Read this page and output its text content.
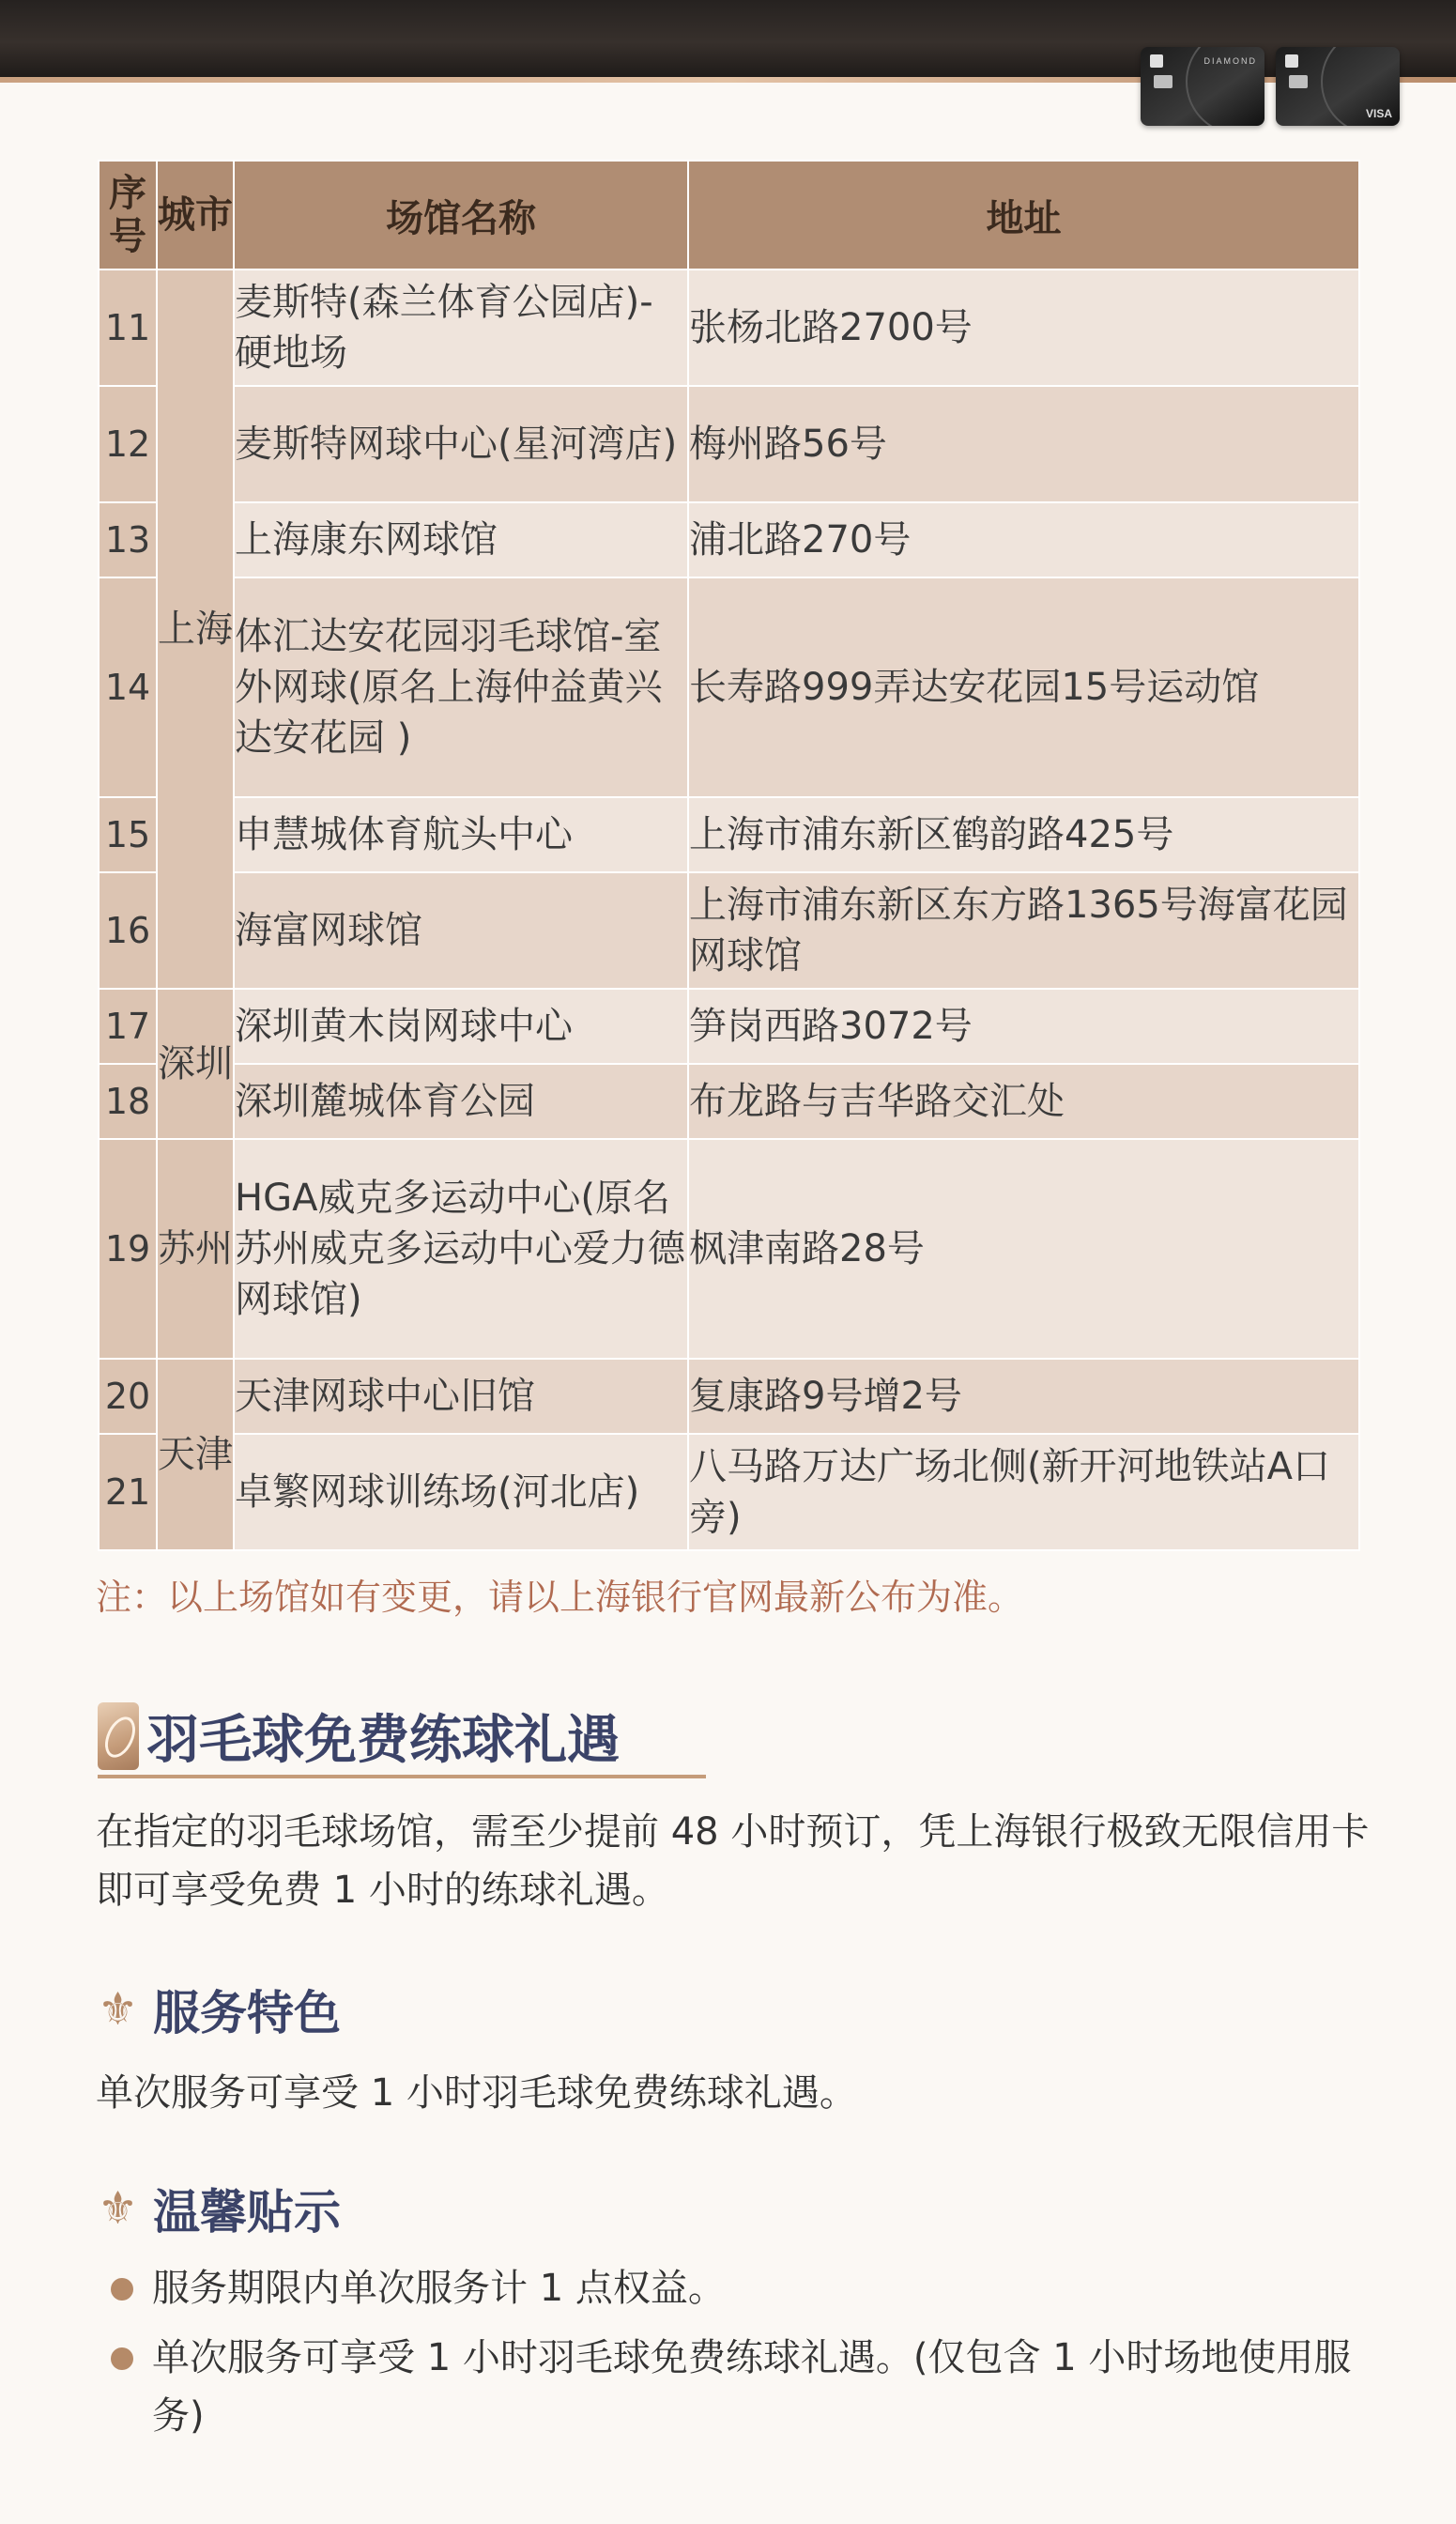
DIAMOND
VISA
序号	城市	场馆名称	地址
11	上海	麦斯特(森兰体育公园店)-硬地场	张杨北路2700号
12		麦斯特网球中心(星河湾店)	梅州路56号
13		上海康东网球馆	浦北路270号
14		体汇达安花园羽毛球馆-室外网球(原名上海仲益黄兴达安花园 )	长寿路999弄达安花园15号运动馆
15		申慧城体育航头中心	上海市浦东新区鹤韵路425号
16		海富网球馆	上海市浦东新区东方路1365号海富花园网球馆
17	深圳	深圳黄木岗网球中心	笋岗西路3072号
18		深圳麓城体育公园	布龙路与吉华路交汇处
19	苏州	HGA威克多运动中心(原名 苏州威克多运动中心爱力德网球馆)	枫津南路28号
20	天津	天津网球中心旧馆	复康路9号增2号
21		卓繁网球训练场(河北店)	八马路万达广场北侧(新开河地铁站A口旁)
注：以上场馆如有变更，请以上海银行官网最新公布为准。
羽毛球免费练球礼遇
在指定的羽毛球场馆，需至少提前 48 小时预订，凭上海银行极致无限信用卡即可享受免费 1 小时的练球礼遇。
⚜ 服务特色
单次服务可享受 1 小时羽毛球免费练球礼遇。
⚜ 温馨贴示
服务期限内单次服务计 1 点权益。
单次服务可享受 1 小时羽毛球免费练球礼遇。(仅包含 1 小时场地使用服务)
